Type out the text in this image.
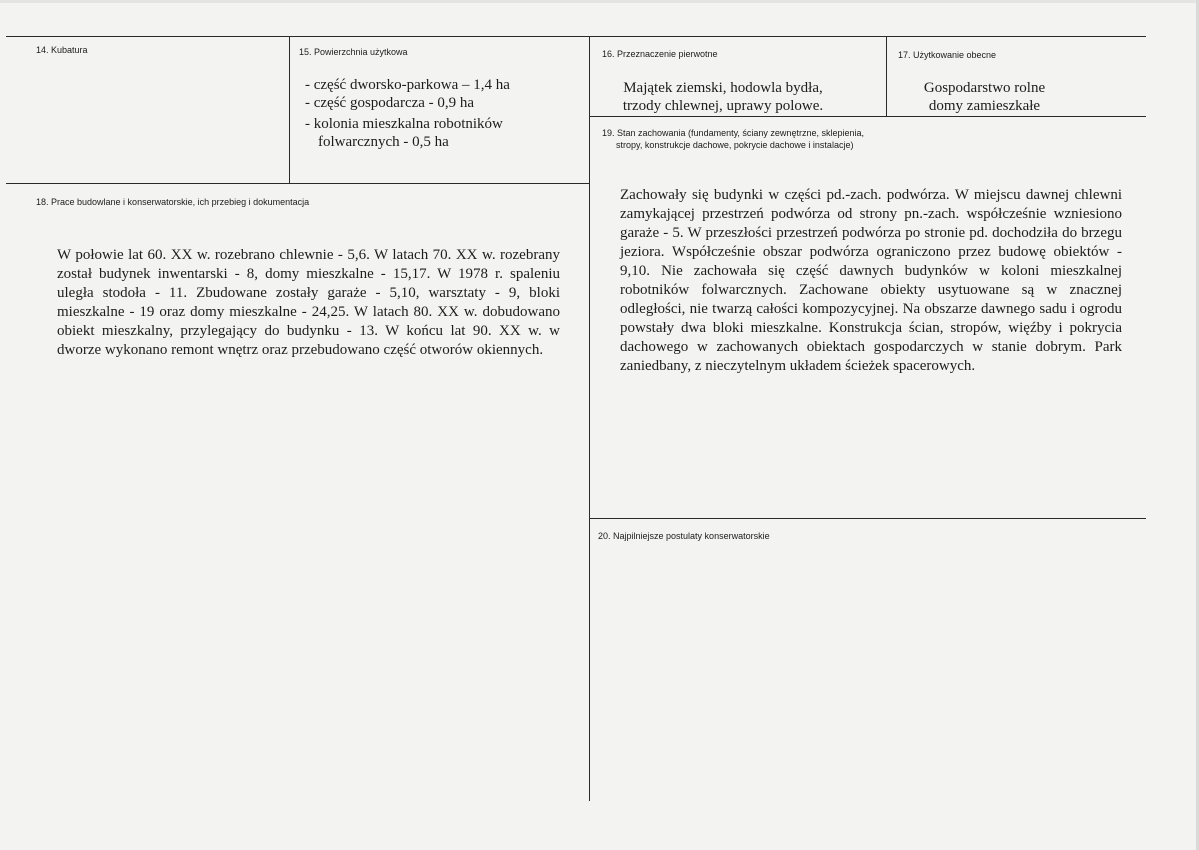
14. Kubatura	15. Powierzchnia użytkowa
- część dworsko-parkowa – 1,4 ha
- część gospodarcza - 0,9 ha
- kolonia mieszkalna robotników
folwarcznych - 0,5 ha
16. Przeznaczenie pierwotne
Majątek ziemski, hodowla bydła,
trzody chlewnej, uprawy polowe.
17. Użytkowanie obecne
Gospodarstwo rolne
domy zamieszkałe
18. Prace budowlane i konserwatorskie, ich przebieg i dokumentacja
W połowie lat 60. XX w. rozebrano chlewnie - 5,6. W latach 70. XX w. rozebrany został budynek inwentarski - 8, domy mieszkalne - 15,17. W 1978 r. spaleniu uległa stodoła - 11. Zbudowane zostały garaże - 5,10, warsztaty - 9, bloki mieszkalne - 19 oraz domy mieszkalne - 24,25. W latach 80. XX w. dobudowano obiekt mieszkalny, przylegający do budynku - 13. W końcu lat 90. XX w. w dworze wykonano remont wnętrz oraz przebudowano część otworów okiennych.
19. Stan zachowania (fundamenty, ściany zewnętrzne, sklepienia,
stropy, konstrukcje dachowe, pokrycie dachowe i instalacje)
Zachowały się budynki w części pd.-zach. podwórza. W miejscu dawnej chlewni zamykającej przestrzeń podwórza od strony pn.-zach. współcześnie wzniesiono garaże - 5. W przeszłości przestrzeń podwórza po stronie pd. dochodziła do brzegu jeziora. Współcześnie obszar podwórza ograniczono przez budowę obiektów - 9,10. Nie zachowała się część dawnych budynków w koloni mieszkalnej robotników folwarcznych. Zachowane obiekty usytuowane są w znacznej odległości, nie twarzą całości kompozycyjnej. Na obszarze dawnego sadu i ogrodu powstały dwa bloki mieszkalne. Konstrukcja ścian, stropów, więźby i pokrycia dachowego w zachowanych obiektach gospodarczych w stanie dobrym. Park zaniedbany, z nieczytelnym układem ścieżek spacerowych.
20. Najpilniejsze postulaty konserwatorskie
